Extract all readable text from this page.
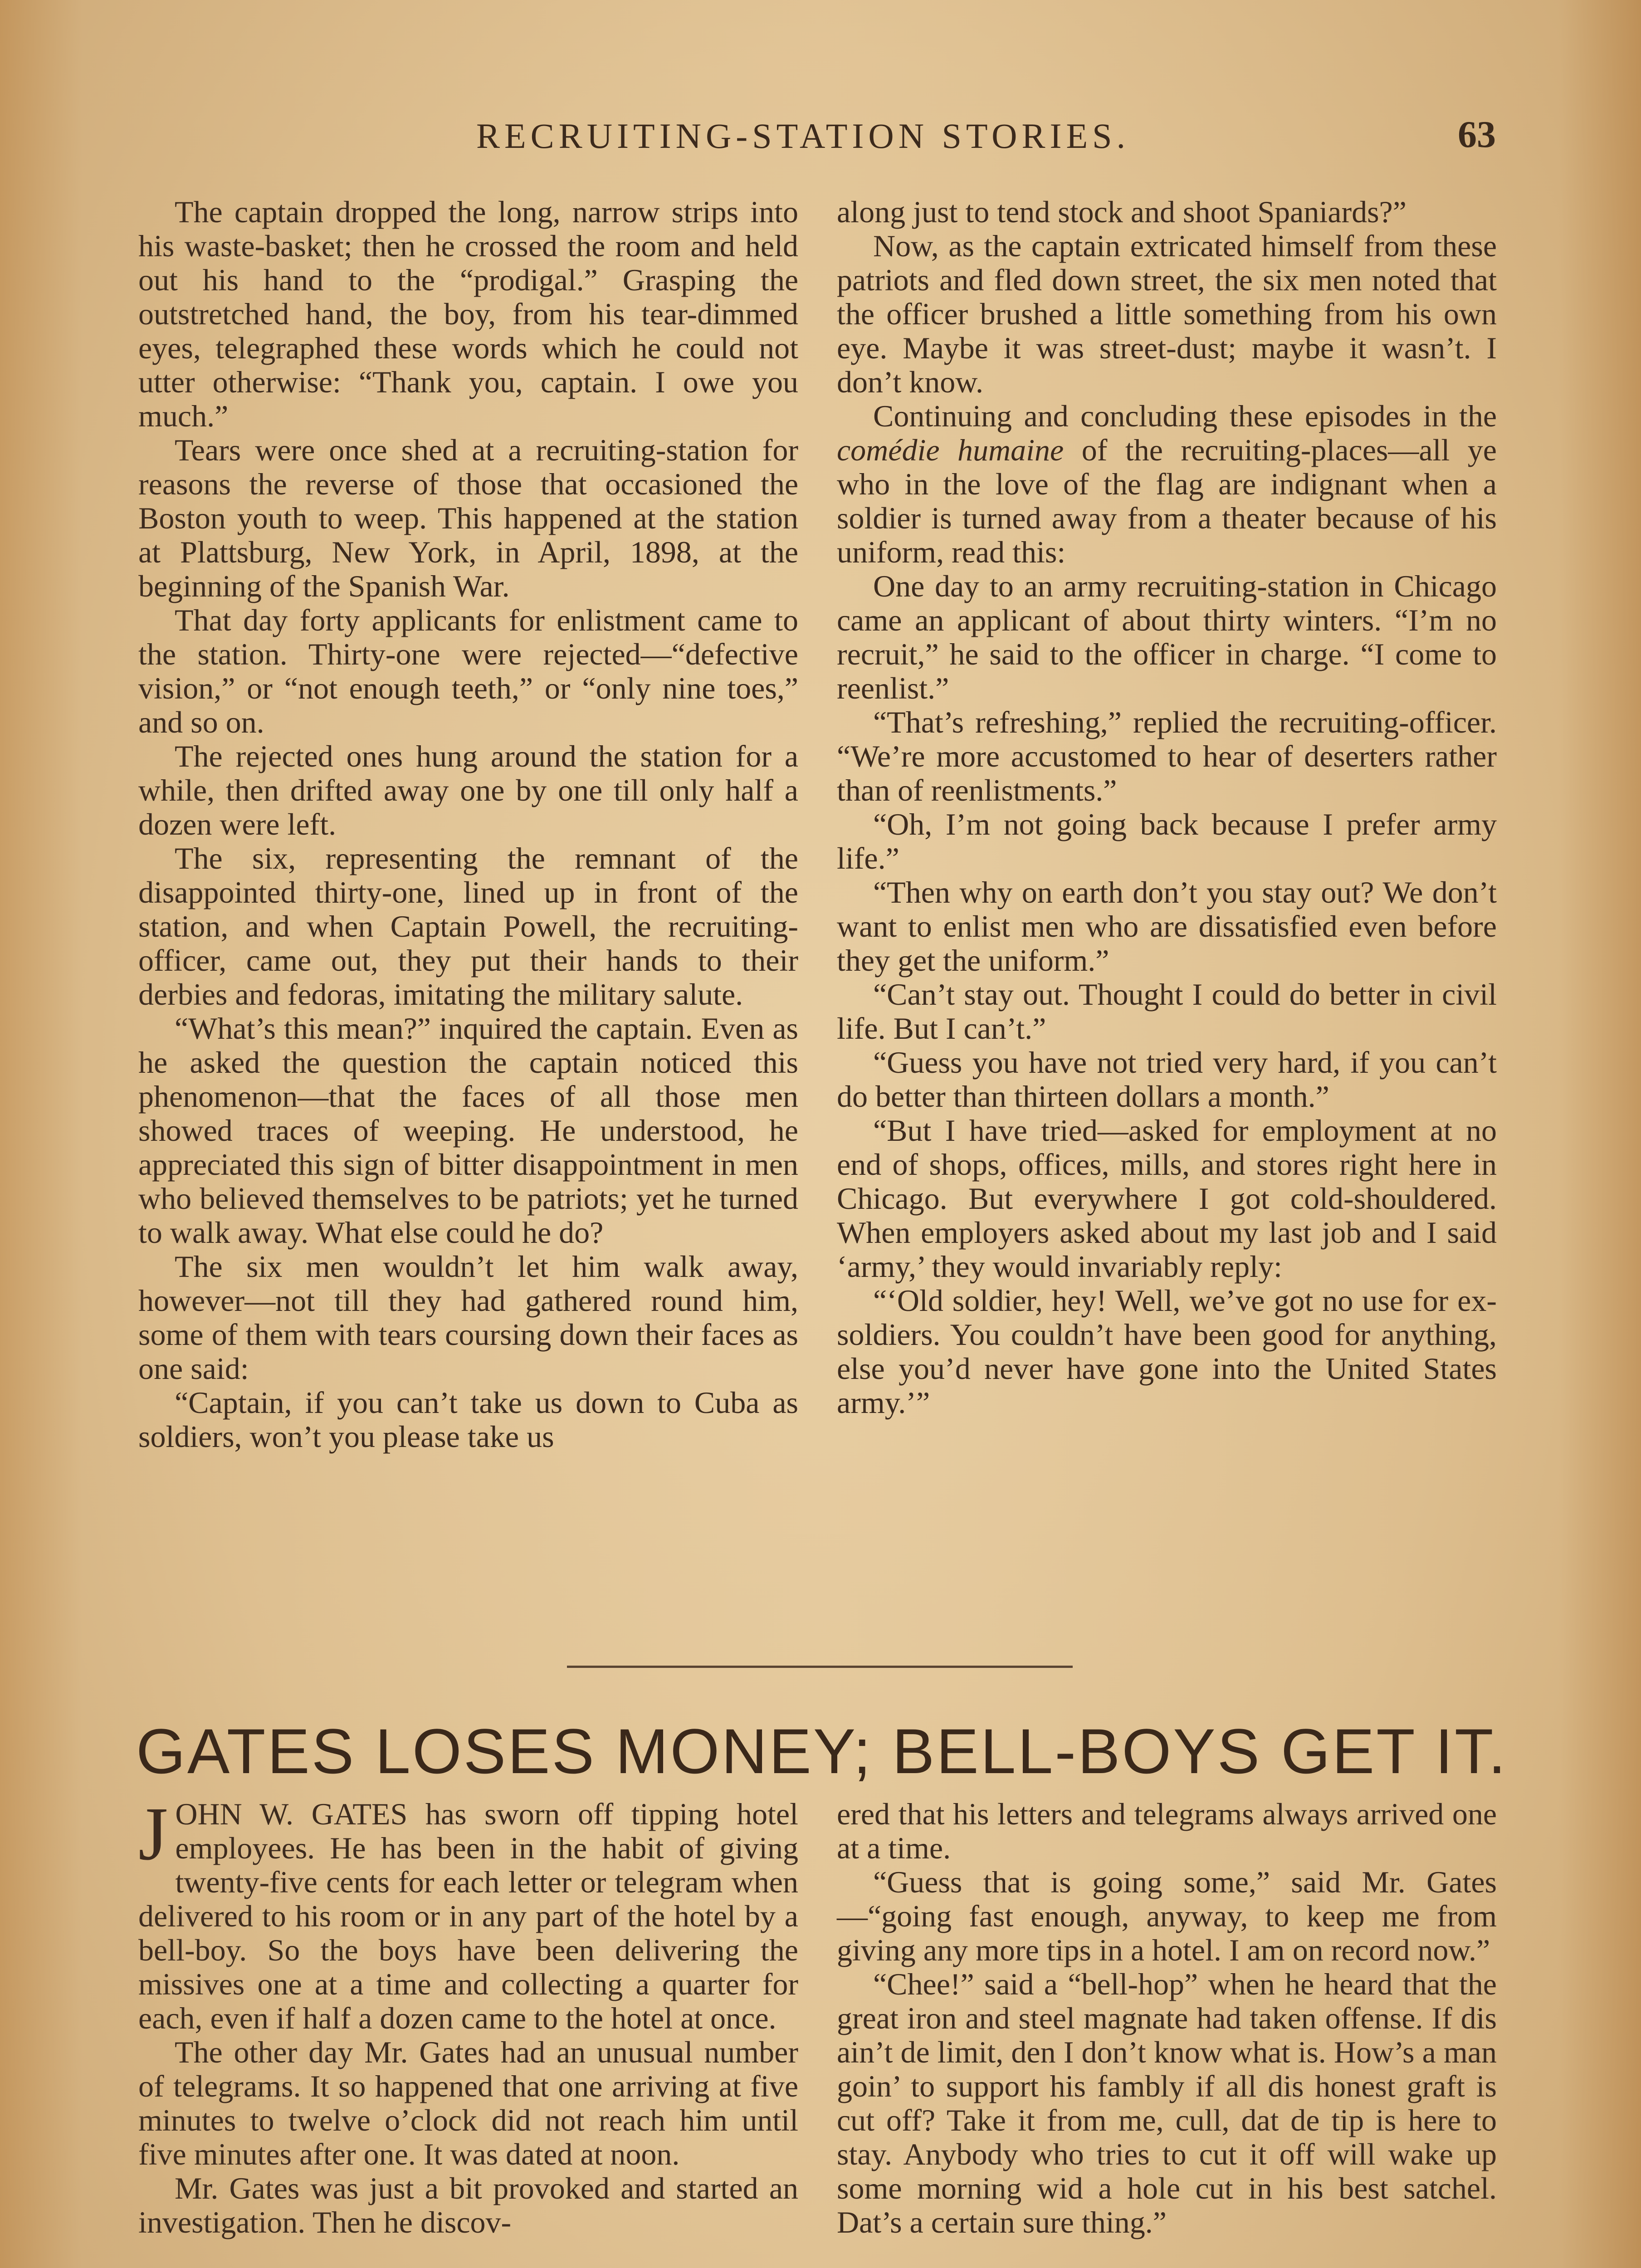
RECRUITING-STATION STORIES.	63

The captain dropped the long, narrow strips into his waste-basket; then he crossed the room and held out his hand to the “prodigal.” Grasping the outstretched hand, the boy, from his tear-dimmed eyes, telegraphed these words which he could not utter otherwise: “Thank you, captain. I owe you much.”

Tears were once shed at a recruiting-station for reasons the reverse of those that occasioned the Boston youth to weep. This happened at the station at Plattsburg, New York, in April, 1898, at the beginning of the Spanish War.

That day forty applicants for enlistment came to the station. Thirty-one were rejected—“defective vision,” or “not enough teeth,” or “only nine toes,” and so on.

The rejected ones hung around the station for a while, then drifted away one by one till only half a dozen were left.

The six, representing the remnant of the disappointed thirty-one, lined up in front of the station, and when Captain Powell, the recruiting-officer, came out, they put their hands to their derbies and fedoras, imitating the military salute.

“What’s this mean?” inquired the captain. Even as he asked the question the captain noticed this phenomenon—that the faces of all those men showed traces of weeping. He understood, he appreciated this sign of bitter disappointment in men who believed themselves to be patriots; yet he turned to walk away. What else could he do?

The six men wouldn’t let him walk away, however—not till they had gathered round him, some of them with tears coursing down their faces as one said:

“Captain, if you can’t take us down to Cuba as soldiers, won’t you please take us

along just to tend stock and shoot Spaniards?”

Now, as the captain extricated himself from these patriots and fled down street, the six men noted that the officer brushed a little something from his own eye. Maybe it was street-dust; maybe it wasn’t. I don’t know.

Continuing and concluding these episodes in the comédie humaine of the recruiting-places—all ye who in the love of the flag are indignant when a soldier is turned away from a theater because of his uniform, read this:

One day to an army recruiting-station in Chicago came an applicant of about thirty winters. “I’m no recruit,” he said to the officer in charge. “I come to reenlist.”

“That’s refreshing,” replied the recruiting-officer. “We’re more accustomed to hear of deserters rather than of reenlistments.”

“Oh, I’m not going back because I prefer army life.”

“Then why on earth don’t you stay out? We don’t want to enlist men who are dissatisfied even before they get the uniform.”

“Can’t stay out. Thought I could do better in civil life. But I can’t.”

“Guess you have not tried very hard, if you can’t do better than thirteen dollars a month.”

“But I have tried—asked for employment at no end of shops, offices, mills, and stores right here in Chicago. But everywhere I got cold-shouldered. When employers asked about my last job and I said ‘army,’ they would invariably reply:

“‘Old soldier, hey! Well, we’ve got no use for ex-soldiers. You couldn’t have been good for anything, else you’d never have gone into the United States army.’”

GATES LOSES MONEY; BELL-BOYS GET IT.

JOHN W. GATES has sworn off tipping hotel employees. He has been in the habit of giving twenty-five cents for each letter or telegram when delivered to his room or in any part of the hotel by a bell-boy. So the boys have been delivering the missives one at a time and collecting a quarter for each, even if half a dozen came to the hotel at once.

The other day Mr. Gates had an unusual number of telegrams. It so happened that one arriving at five minutes to twelve o’clock did not reach him until five minutes after one. It was dated at noon.

Mr. Gates was just a bit provoked and started an investigation. Then he discov-

ered that his letters and telegrams always arrived one at a time.

“Guess that is going some,” said Mr. Gates—“going fast enough, anyway, to keep me from giving any more tips in a hotel. I am on record now.”

“Chee!” said a “bell-hop” when he heard that the great iron and steel magnate had taken offense. If dis ain’t de limit, den I don’t know what is. How’s a man goin’ to support his fambly if all dis honest graft is cut off? Take it from me, cull, dat de tip is here to stay. Anybody who tries to cut it off will wake up some morning wid a hole cut in his best satchel. Dat’s a certain sure thing.”
